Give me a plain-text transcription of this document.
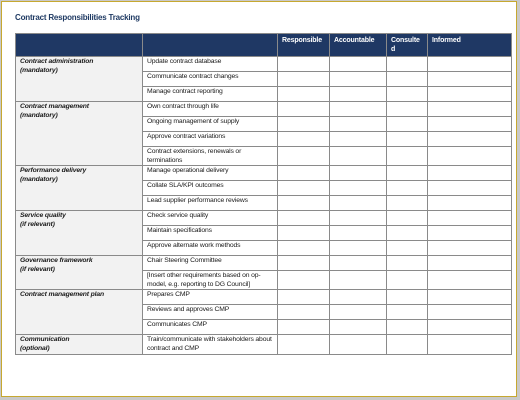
Contract Responsibilities Tracking
		Responsible	Accountable	Consulted	Informed

Contract administration
(mandatory)	Update contract database				
	Communicate contract changes				
	Manage contract reporting				

Contract management
(mandatory)	Own contract through life				
	Ongoing management of supply				
	Approve contract variations				
	Contract extensions, renewals or terminations				

Performance delivery
(mandatory)	Manage operational delivery				
	Collate SLA/KPI outcomes				
	Lead supplier performance reviews				

Service quality
(if relevant)	Check service quality				
	Maintain specifications				
	Approve alternate work methods				

Governance framework
(if relevant)	Chair Steering Committee				
	[Insert other requirements based on op-model, e.g. reporting to DG Council]				

Contract management plan	Prepares CMP				
	Reviews and approves CMP				
	Communicates CMP				

Communication
(optional)	Train/communicate with stakeholders about contract and CMP				
